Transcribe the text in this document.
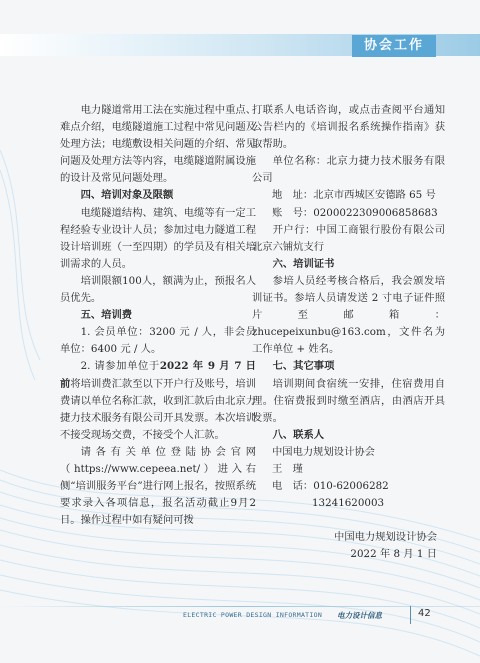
协会工作

电力隧道常用工法在实施过程中重点、难点介绍，电缆隧道施工过程中常见问题及处理方法；电缆敷设相关问题的介绍、常见问题及处理方法等内容，电缆隧道附属设施的设计及常见问题处理。

四、培训对象及限额

电缆隧道结构、建筑、电缆等有一定工程经验专业设计人员；参加过电力隧道工程设计培训班（一至四期）的学员及有相关培训需求的人员。

培训限额100人，额满为止，预报名人员优先。

五、培训费

1. 会员单位：3200 元 / 人，非会员单位：6400 元 / 人。

2. 请参加单位于2022 年 9 月 7 日前将培训费汇款至以下开户行及账号，培训费请以单位名称汇款，收到汇款后由北京力捷力技术服务有限公司开具发票。本次培训不接受现场交费，不接受个人汇款。

请各有关单位登陆协会官网（https://www.cepeea.net/）进入右侧“培训服务平台”进行网上报名，按照系统要求录入各项信息，报名活动截止9月2日。操作过程中如有疑问可拨

打联系人电话咨询，或点击查阅平台通知公告栏内的《培训报名系统操作指南》获取帮助。

单位名称：北京力捷力技术服务有限公司

地　址： 北京市西城区安德路 65 号
账　号： 0200022309006858683

开户行：中国工商银行股份有限公司北京六铺炕支行

六、培训证书

参培人员经考核合格后，我会颁发培训证书。参培人员请发送 2 寸电子证件照片至邮箱：zhucepeixunbu@163.com，文件名为工作单位 + 姓名。

七、其它事项

培训期间食宿统一安排，住宿费用自理。住宿费报到时缴至酒店，由酒店开具发票。

八、联系人

中国电力规划设计协会

王　瑾

电　话： 010-62006282

13241620003

中国电力规划设计协会

2022 年 8 月 1 日

ELECTRIC POWER DESIGN INFORMATION 电力设计信息	42
